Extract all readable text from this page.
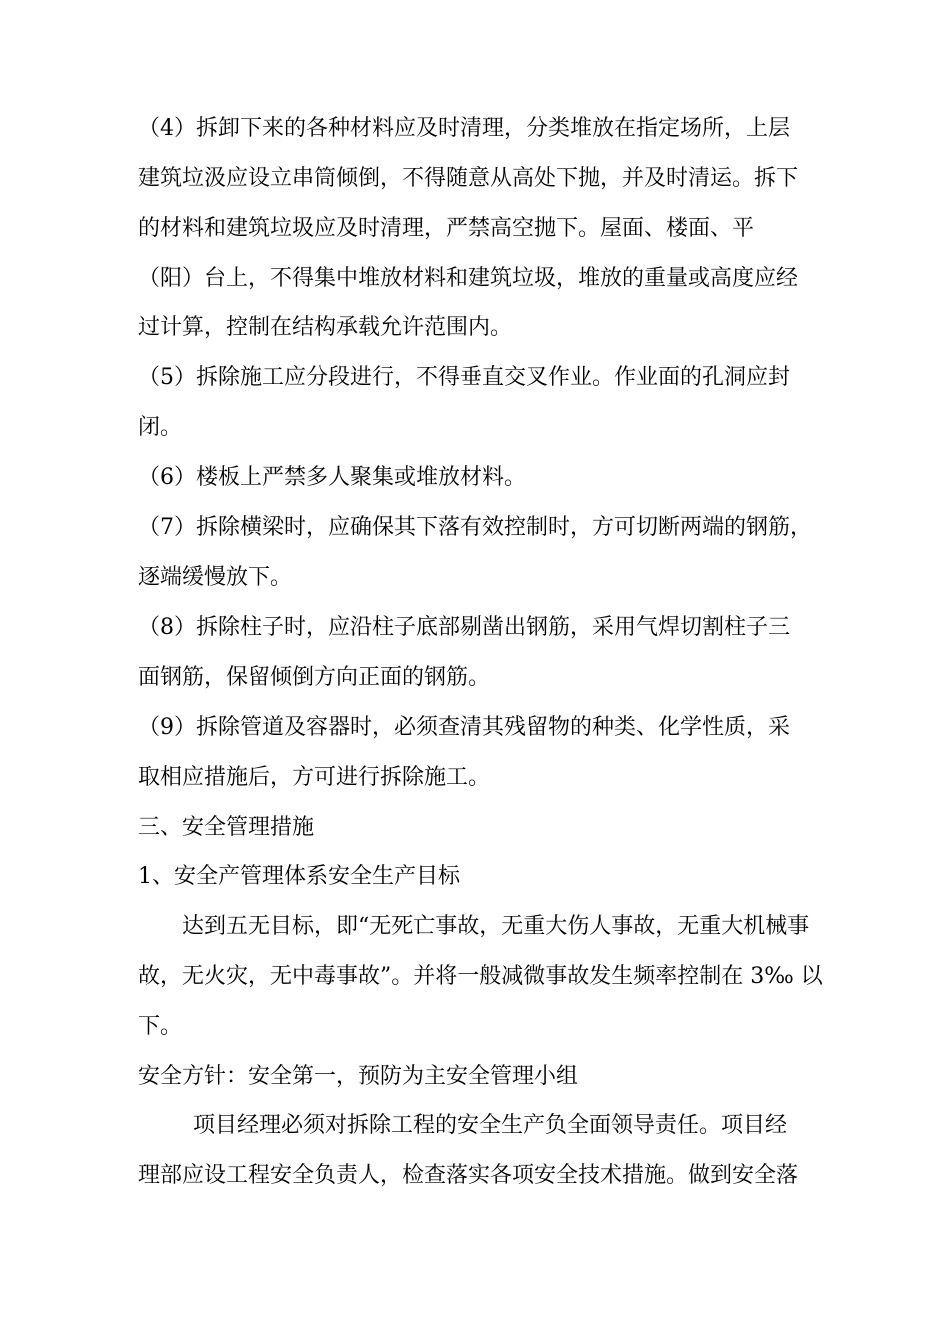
（4）拆卸下来的各种材料应及时清理，分类堆放在指定场所，上层
建筑垃汲应设立串筒倾倒，不得随意从高处下抛，并及时清运。拆下
的材料和建筑垃圾应及时清理，严禁高空抛下。屋面、楼面、平
（阳）台上，不得集中堆放材料和建筑垃圾，堆放的重量或高度应经
过计算，控制在结构承载允许范围内。
（5）拆除施工应分段进行，不得垂直交叉作业。作业面的孔洞应封
闭。
（6）楼板上严禁多人聚集或堆放材料。
（7）拆除横梁时，应确保其下落有效控制时，方可切断两端的钢筋，
逐端缓慢放下。
（8）拆除柱子时，应沿柱子底部剔凿出钢筋，采用气焊切割柱子三
面钢筋，保留倾倒方向正面的钢筋。
（9）拆除管道及容器时，必须查清其残留物的种类、化学性质，采
取相应措施后，方可进行拆除施工。
三、安全管理措施
1、安全产管理体系安全生产目标
达到五无目标，即“无死亡事故，无重大伤人事故，无重大机械事
故，无火灾，无中毒事故”。并将一般减微事故发生频率控制在 3‰ 以
下。
安全方针：安全第一，预防为主安全管理小组
项目经理必须对拆除工程的安全生产负全面领导责任。项目经
理部应设工程安全负责人，检查落实各项安全技术措施。做到安全落
